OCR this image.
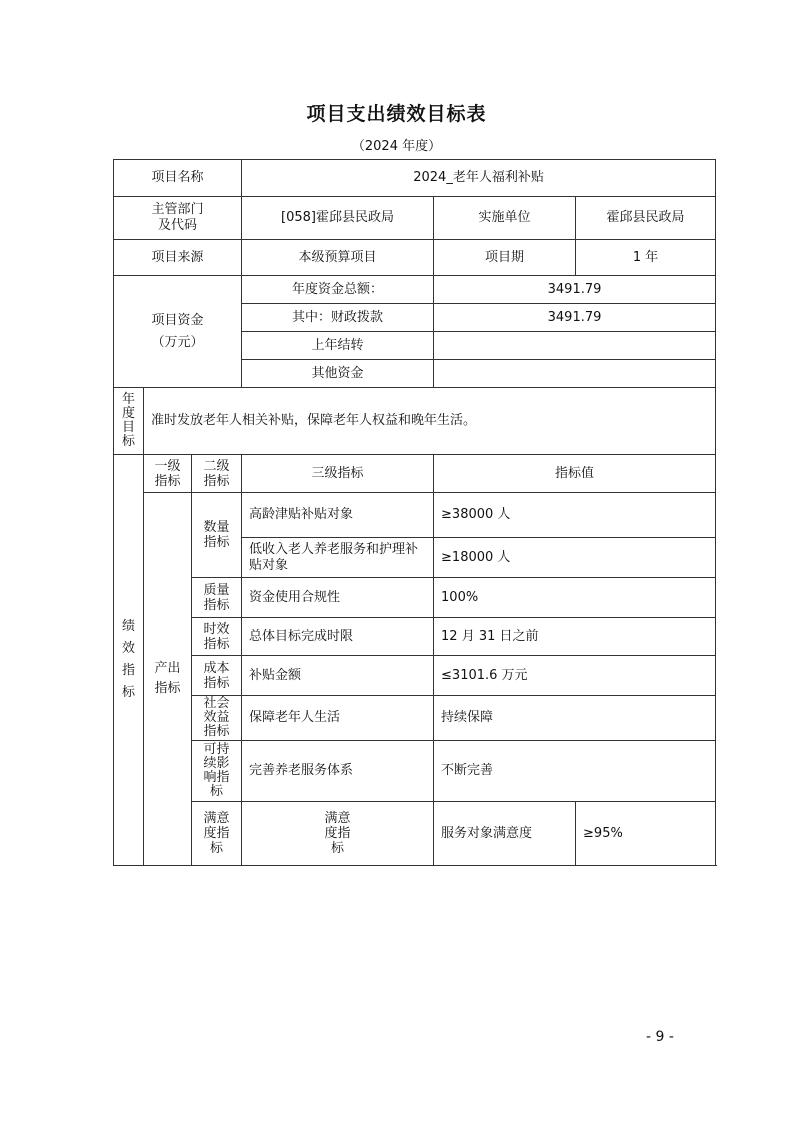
项目支出绩效目标表
（2024 年度）
项目名称			2024_老年人福利补贴		
主管部门及代码			[058]霍邱县民政局	实施单位	霍邱县民政局
项目来源			本级预算项目	项目期	1 年
项目资金（万元）			年度资金总额：	3491.79	
			其中：财政拨款	3491.79	
			上年结转		
			其他资金		
年度目标	准时发放老年人相关补贴，保障老年人权益和晚年生活。				
绩效指标	一级指标	二级指标	三级指标	指标值	
	产出指标	数量指标	高龄津贴补贴对象	≥38000 人	
			低收入老人养老服务和护理补贴对象	≥18000 人	
		质量指标	资金使用合规性	100%	
		时效指标	总体目标完成时限	12 月 31 日之前	
		成本指标	补贴金额	≤3101.6 万元	
		社会效益指标	保障老年人生活	持续保障	
		可持续影响指标	完善养老服务体系	不断完善	
		满意度指标	满意度指标	服务对象满意度	≥95%
- 9 -
